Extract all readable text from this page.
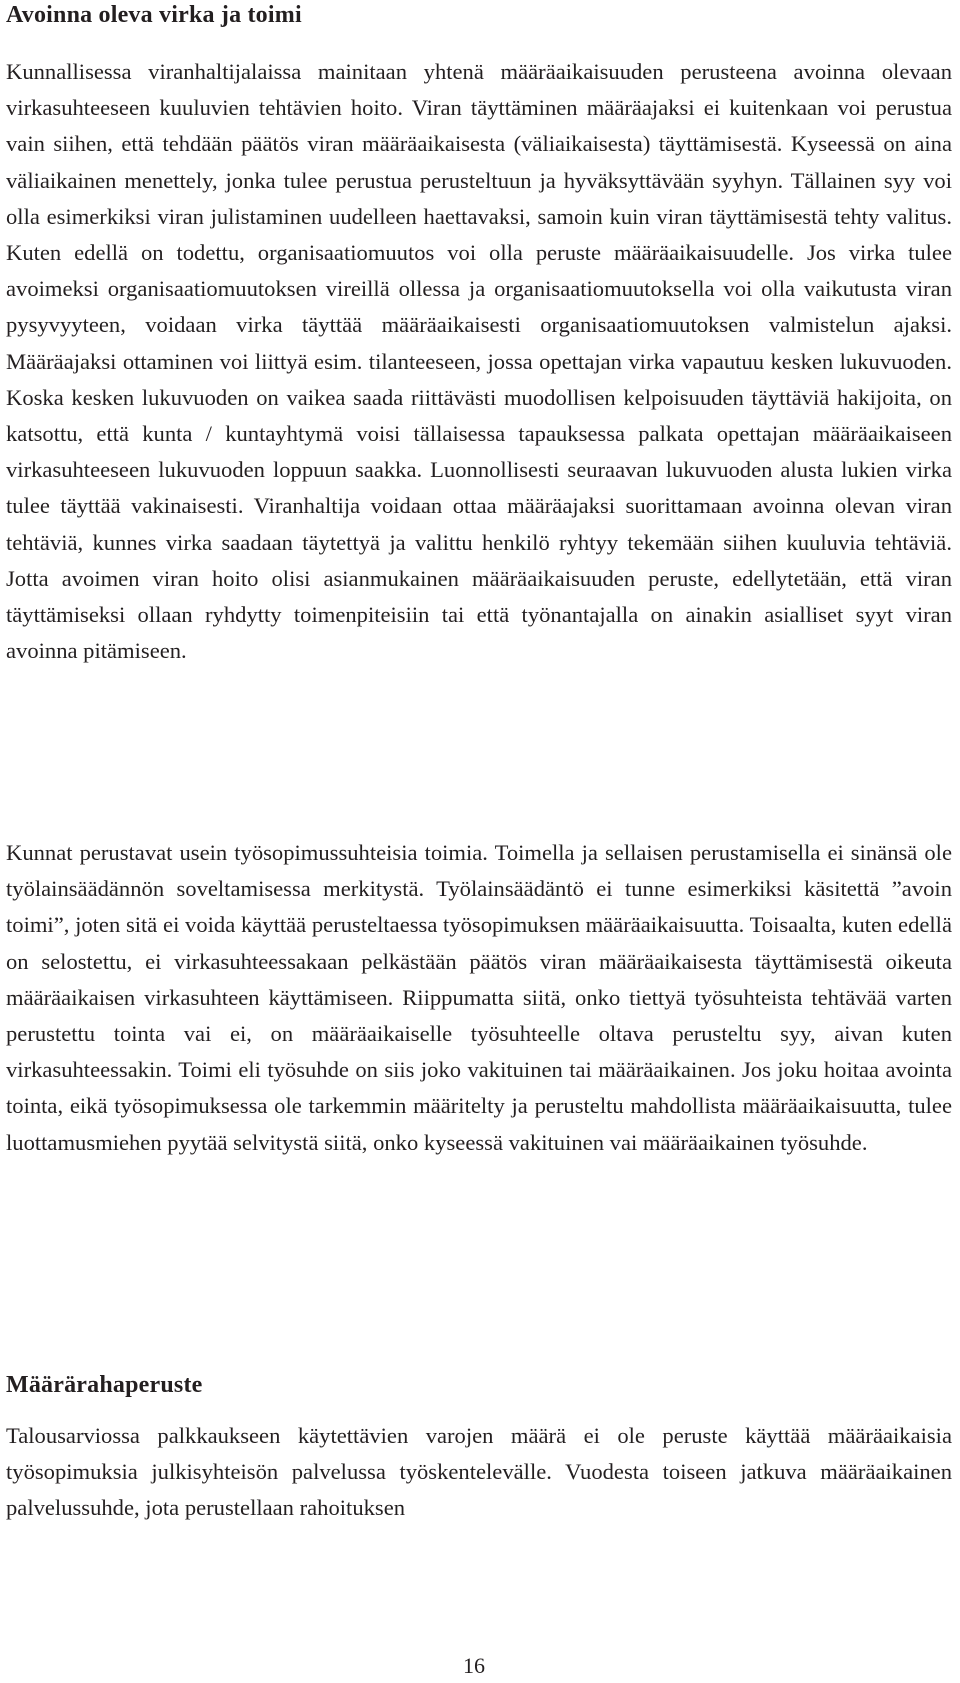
Avoinna oleva virka ja toimi

Kunnallisessa viranhaltijalaissa mainitaan yhtenä määräaikaisuuden perusteena avoinna olevaan virkasuhteeseen kuuluvien tehtävien hoito. Viran täyttäminen määräajaksi ei kuitenkaan voi perustua vain siihen, että tehdään päätös viran määräaikaisesta (väliaikaisesta) täyttämisestä. Kyseessä on aina väliaikainen menettely, jonka tulee perustua perusteltuun ja hyväksyttävään syyhyn. Tällainen syy voi olla esimerkiksi viran julistaminen uudelleen haettavaksi, samoin kuin viran täyttämisestä tehty valitus. Kuten edellä on todettu, organisaatiomuutos voi olla peruste määräaikaisuudelle. Jos virka tulee avoimeksi organisaatiomuutoksen vireillä ollessa ja organisaatiomuutoksella voi olla vaikutusta viran pysyvyyteen, voidaan virka täyttää määräaikaisesti organisaatiomuutoksen valmistelun ajaksi. Määräajaksi ottaminen voi liittyä esim. tilanteeseen, jossa opettajan virka vapautuu kesken lukuvuoden. Koska kesken lukuvuoden on vaikea saada riittävästi muodollisen kelpoisuuden täyttäviä hakijoita, on katsottu, että kunta / kuntayhtymä voisi tällaisessa tapauksessa palkata opettajan määräaikaiseen virkasuhteeseen lukuvuoden loppuun saakka. Luonnollisesti seuraavan lukuvuoden alusta lukien virka tulee täyttää vakinaisesti. Viranhaltija voidaan ottaa määräajaksi suorittamaan avoinna olevan viran tehtäviä, kunnes virka saadaan täytettyä ja valittu henkilö ryhtyy tekemään siihen kuuluvia tehtäviä. Jotta avoimen viran hoito olisi asianmukainen määräaikaisuuden peruste, edellytetään, että viran täyttämiseksi ollaan ryhdytty toimenpiteisiin tai että työnantajalla on ainakin asialliset syyt viran avoinna pitämiseen.

Kunnat perustavat usein työsopimussuhteisia toimia. Toimella ja sellaisen perustamisella ei sinänsä ole työlainsäädännön soveltamisessa merkitystä. Työlainsäädäntö ei tunne esimerkiksi käsitettä ”avoin toimi”, joten sitä ei voida käyttää perusteltaessa työsopimuksen määräaikaisuutta. Toisaalta, kuten edellä on selostettu, ei virkasuhteessakaan pelkästään päätös viran määräaikaisesta täyttämisestä oikeuta määräaikaisen virkasuhteen käyttämiseen. Riippumatta siitä, onko tiettyä työsuhteista tehtävää varten perustettu tointa vai ei, on määräaikaiselle työsuhteelle oltava perusteltu syy, aivan kuten virkasuhteessakin. Toimi eli työsuhde on siis joko vakituinen tai määräaikainen. Jos joku hoitaa avointa tointa, eikä työsopimuksessa ole tarkemmin määritelty ja perusteltu mahdollista määräaikaisuutta, tulee luottamusmiehen pyytää selvitystä siitä, onko kyseessä vakituinen vai määräaikainen työsuhde.

Määrärahaperuste

Talousarviossa palkkaukseen käytettävien varojen määrä ei ole peruste käyttää määräaikaisia työsopimuksia julkisyhteisön palvelussa työskentelevälle. Vuodesta toiseen jatkuva määräaikainen palvelussuhde, jota perustellaan rahoituksen

16
